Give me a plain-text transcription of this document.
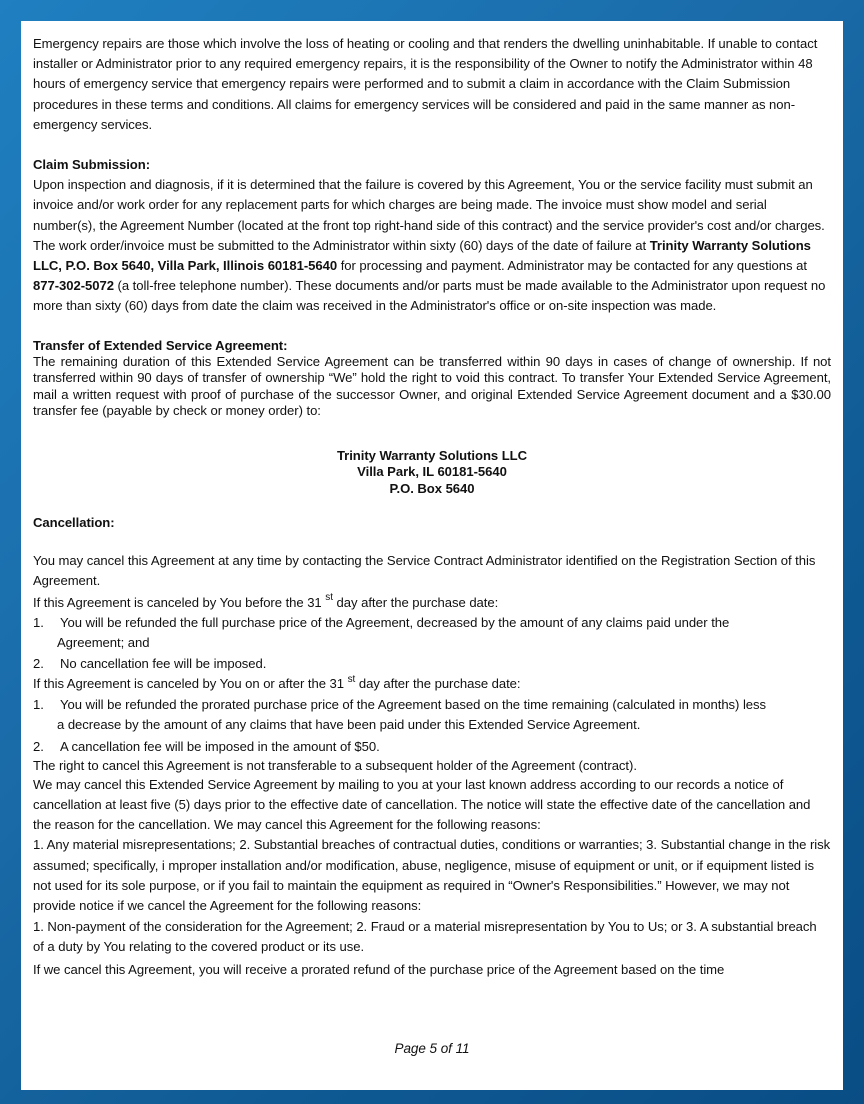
Emergency repairs are those which involve the loss of heating or cooling and that renders the dwelling uninhabitable. If unable to contact installer or Administrator prior to any required emergency repairs, it is the responsibility of the Owner to notify the Administrator within 48 hours of emergency service that emergency repairs were performed and to submit a claim in accordance with the Claim Submission procedures in these terms and conditions. All claims for emergency services will be considered and paid in the same manner as non-emergency services.

Claim Submission:

Upon inspection and diagnosis, if it is determined that the failure is covered by this Agreement, You or the service facility must submit an invoice and/or work order for any replacement parts for which charges are being made. The invoice must show model and serial number(s), the Agreement Number (located at the front top right-hand side of this contract) and the service provider's cost and/or charges. The work order/invoice must be submitted to the Administrator within sixty (60) days of the date of failure at Trinity Warranty Solutions LLC, P.O. Box 5640, Villa Park, Illinois 60181-5640 for processing and payment. Administrator may be contacted for any questions at 877-302-5072 (a toll-free telephone number). These documents and/or parts must be made available to the Administrator upon request no more than sixty (60) days from date the claim was received in the Administrator's office or on-site inspection was made.

Transfer of Extended Service Agreement:

The remaining duration of this Extended Service Agreement can be transferred within 90 days in cases of change of ownership. If not transferred within 90 days of transfer of ownership “We” hold the right to void this contract. To transfer Your Extended Service Agreement, mail a written request with proof of purchase of the successor Owner, and original Extended Service Agreement document and a $30.00 transfer fee (payable by check or money order) to:

Trinity Warranty Solutions LLC
Villa Park, IL 60181-5640
P.O. Box 5640

Cancellation:

You may cancel this Agreement at any time by contacting the Service Contract Administrator identified on the Registration Section of this Agreement.

If this Agreement is canceled by You before the 31 $^{st}$ day after the purchase date:

1.	You will be refunded the full purchase price of the Agreement, decreased by the amount of any claims paid under the
Agreement; and
2.	No cancellation fee will be imposed.

If this Agreement is canceled by You on or after the 31 $^{st}$ day after the purchase date:

1.	You will be refunded the prorated purchase price of the Agreement based on the time remaining (calculated in months) less
a decrease by the amount of any claims that have been paid under this Extended Service Agreement.
2.	A cancellation fee will be imposed in the amount of $50.

The right to cancel this Agreement is not transferable to a subsequent holder of the Agreement (contract).

We may cancel this Extended Service Agreement by mailing to you at your last known address according to our records a notice of cancellation at least five (5) days prior to the effective date of cancellation. The notice will state the effective date of the cancellation and the reason for the cancellation. We may cancel this Agreement for the following reasons:

1. Any material misrepresentations; 2. Substantial breaches of contractual duties, conditions or warranties; 3. Substantial change in the risk assumed; specifically, i mproper installation and/or modification, abuse, negligence, misuse of equipment or unit, or if equipment listed is not used for its sole purpose, or if you fail to maintain the equipment as required in “Owner's Responsibilities.” However, we may not provide notice if we cancel the Agreement for the following reasons:

1. Non-payment of the consideration for the Agreement; 2. Fraud or a material misrepresentation by You to Us; or 3. A substantial breach of a duty by You relating to the covered product or its use.

If we cancel this Agreement, you will receive a prorated refund of the purchase price of the Agreement based on the time

Page 5 of 11
